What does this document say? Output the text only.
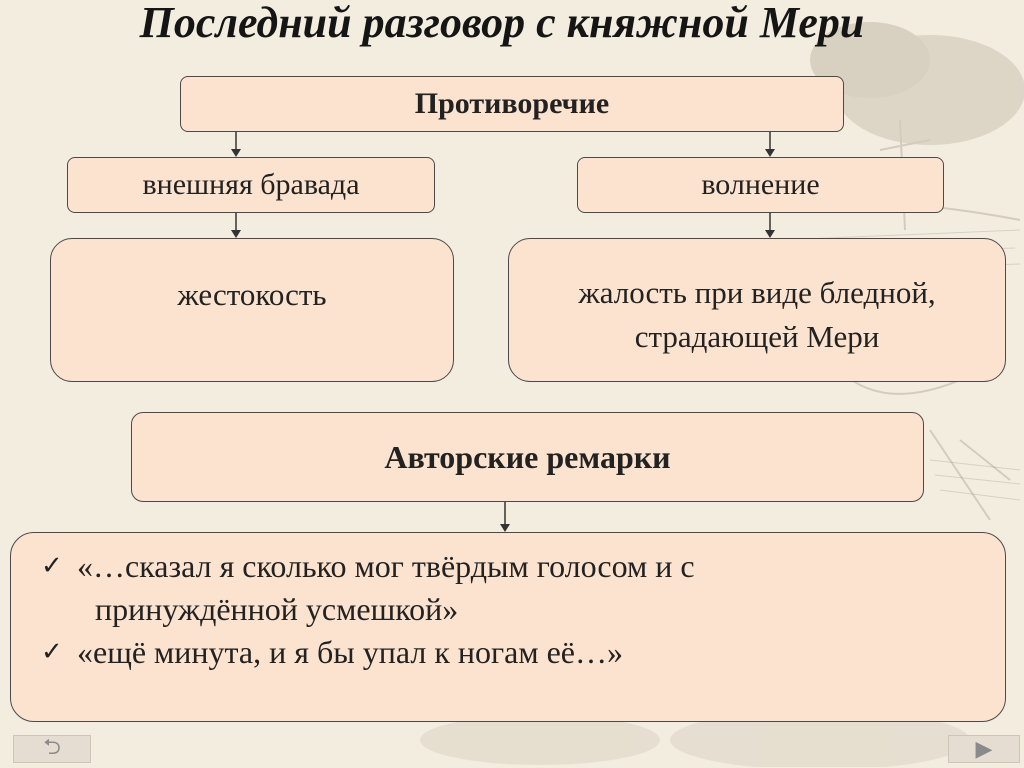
Последний разговор с княжной Мери
Противоречие
внешняя бравада	волнение
жестокость	жалость при виде бледной,
страдающей Мери
Авторские ремарки
✓ «…сказал я сколько мог твёрдым голосом и с
принуждённой усмешкой»
✓ «ещё минута, и я бы упал к ногам её…»
⮌	▶
